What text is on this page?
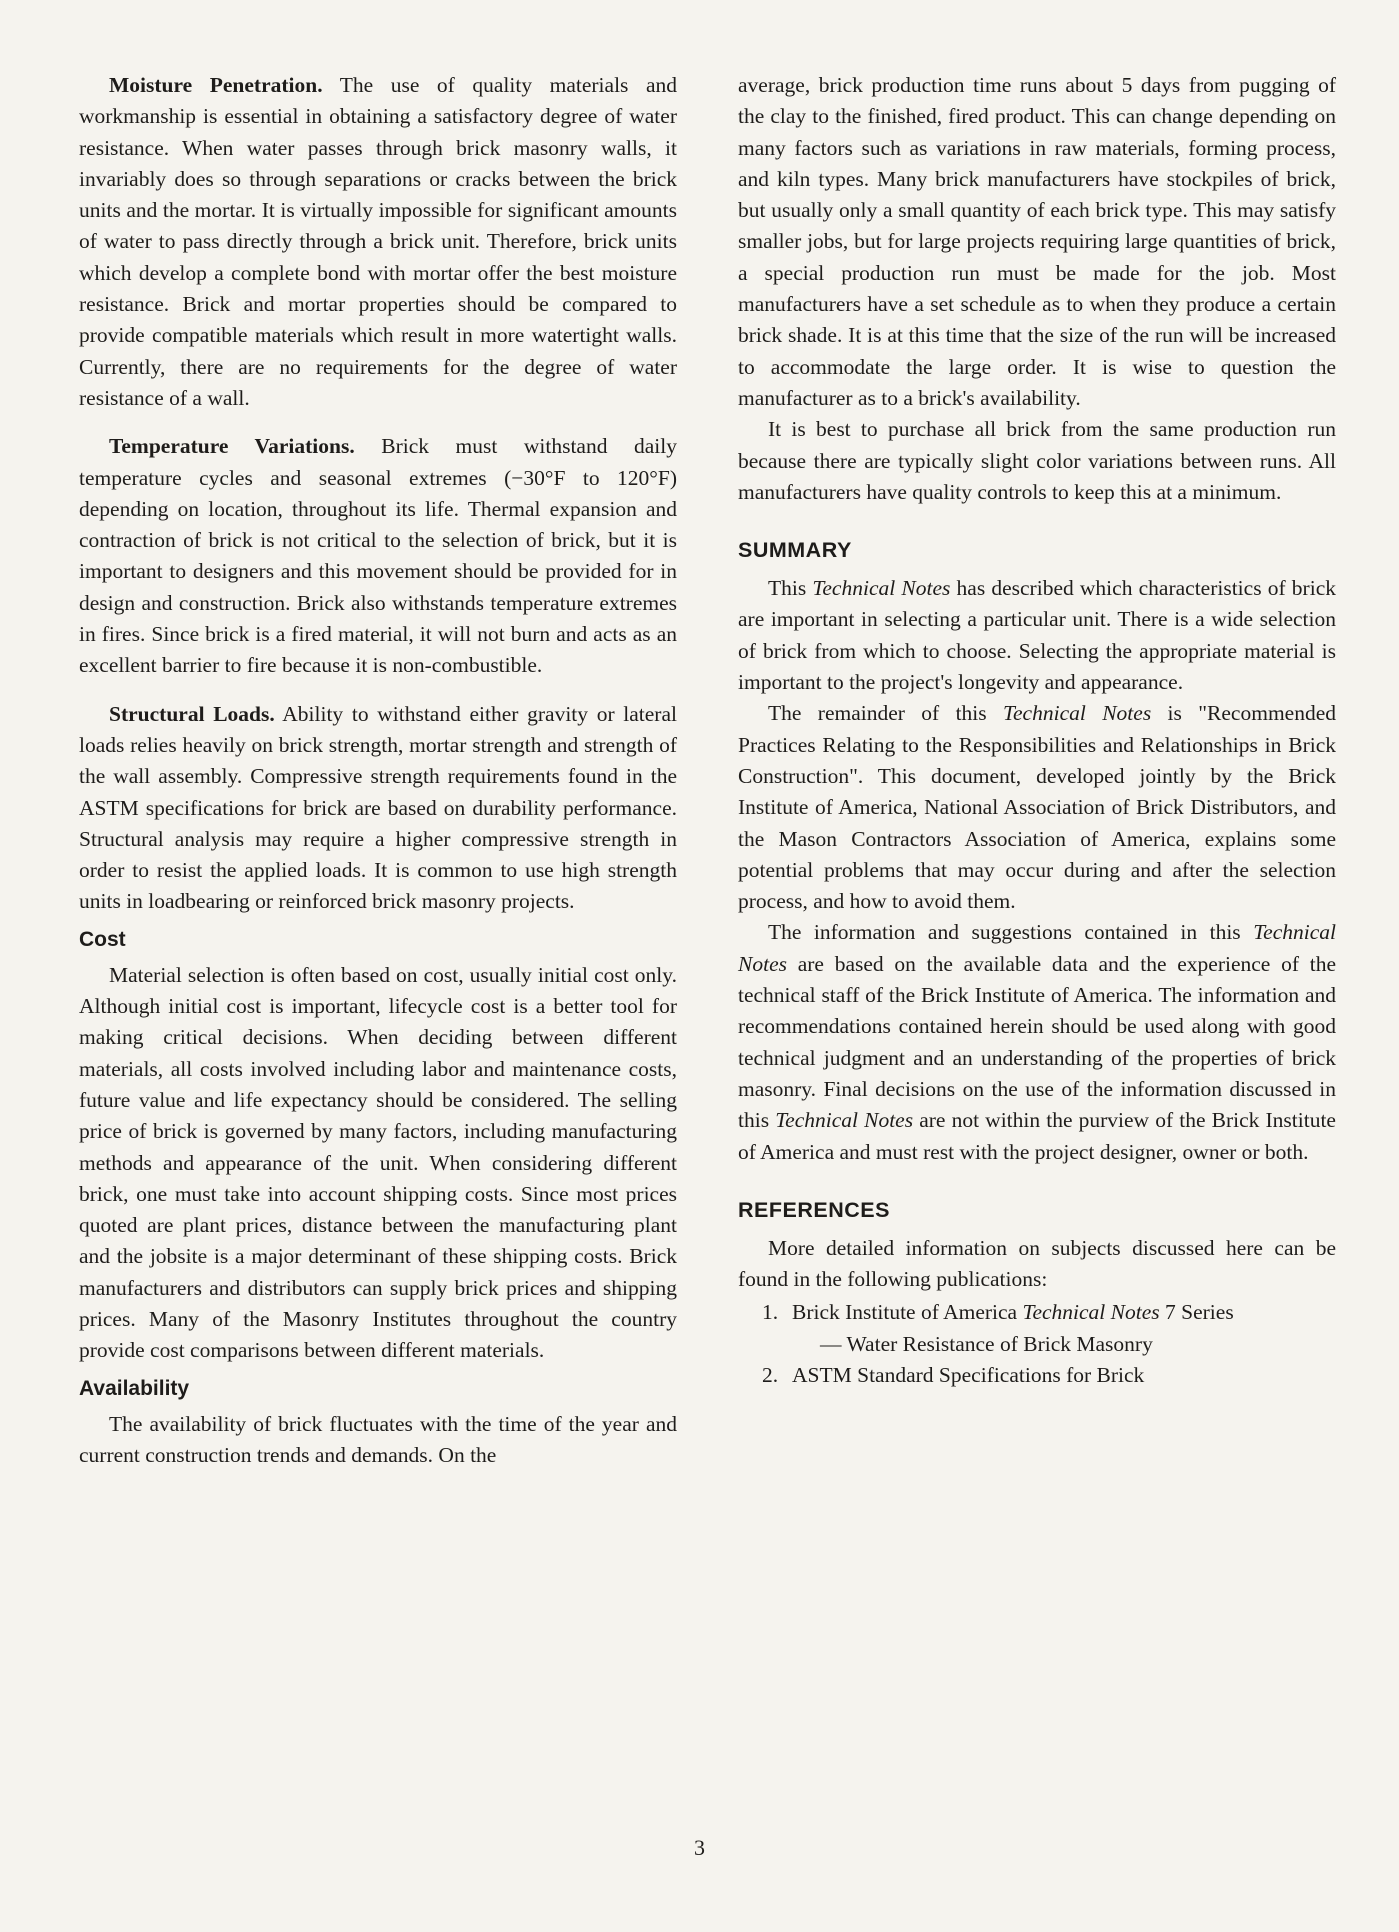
Moisture Penetration. The use of quality materials and workmanship is essential in obtaining a satisfactory degree of water resistance. When water passes through brick masonry walls, it invariably does so through separations or cracks between the brick units and the mortar. It is virtually impossible for significant amounts of water to pass directly through a brick unit. Therefore, brick units which develop a complete bond with mortar offer the best moisture resistance. Brick and mortar properties should be compared to provide compatible materials which result in more watertight walls. Currently, there are no requirements for the degree of water resistance of a wall.

Temperature Variations. Brick must withstand daily temperature cycles and seasonal extremes (−30°F to 120°F) depending on location, throughout its life. Thermal expansion and contraction of brick is not critical to the selection of brick, but it is important to designers and this movement should be provided for in design and construction. Brick also withstands temperature extremes in fires. Since brick is a fired material, it will not burn and acts as an excellent barrier to fire because it is non-combustible.

Structural Loads. Ability to withstand either gravity or lateral loads relies heavily on brick strength, mortar strength and strength of the wall assembly. Compressive strength requirements found in the ASTM specifications for brick are based on durability performance. Structural analysis may require a higher compressive strength in order to resist the applied loads. It is common to use high strength units in loadbearing or reinforced brick masonry projects.

Cost

Material selection is often based on cost, usually initial cost only. Although initial cost is important, lifecycle cost is a better tool for making critical decisions. When deciding between different materials, all costs involved including labor and maintenance costs, future value and life expectancy should be considered. The selling price of brick is governed by many factors, including manufacturing methods and appearance of the unit. When considering different brick, one must take into account shipping costs. Since most prices quoted are plant prices, distance between the manufacturing plant and the jobsite is a major determinant of these shipping costs. Brick manufacturers and distributors can supply brick prices and shipping prices. Many of the Masonry Institutes throughout the country provide cost comparisons between different materials.

Availability

The availability of brick fluctuates with the time of the year and current construction trends and demands. On the

average, brick production time runs about 5 days from pugging of the clay to the finished, fired product. This can change depending on many factors such as variations in raw materials, forming process, and kiln types. Many brick manufacturers have stockpiles of brick, but usually only a small quantity of each brick type. This may satisfy smaller jobs, but for large projects requiring large quantities of brick, a special production run must be made for the job. Most manufacturers have a set schedule as to when they produce a certain brick shade. It is at this time that the size of the run will be increased to accommodate the large order. It is wise to question the manufacturer as to a brick's availability.

It is best to purchase all brick from the same production run because there are typically slight color variations between runs. All manufacturers have quality controls to keep this at a minimum.

SUMMARY

This Technical Notes has described which characteristics of brick are important in selecting a particular unit. There is a wide selection of brick from which to choose. Selecting the appropriate material is important to the project's longevity and appearance.

The remainder of this Technical Notes is "Recommended Practices Relating to the Responsibilities and Relationships in Brick Construction". This document, developed jointly by the Brick Institute of America, National Association of Brick Distributors, and the Mason Contractors Association of America, explains some potential problems that may occur during and after the selection process, and how to avoid them.

The information and suggestions contained in this Technical Notes are based on the available data and the experience of the technical staff of the Brick Institute of America. The information and recommendations contained herein should be used along with good technical judgment and an understanding of the properties of brick masonry. Final decisions on the use of the information discussed in this Technical Notes are not within the purview of the Brick Institute of America and must rest with the project designer, owner or both.

REFERENCES

More detailed information on subjects discussed here can be found in the following publications:

1. Brick Institute of America Technical Notes 7 Series
— Water Resistance of Brick Masonry
2. ASTM Standard Specifications for Brick
3
